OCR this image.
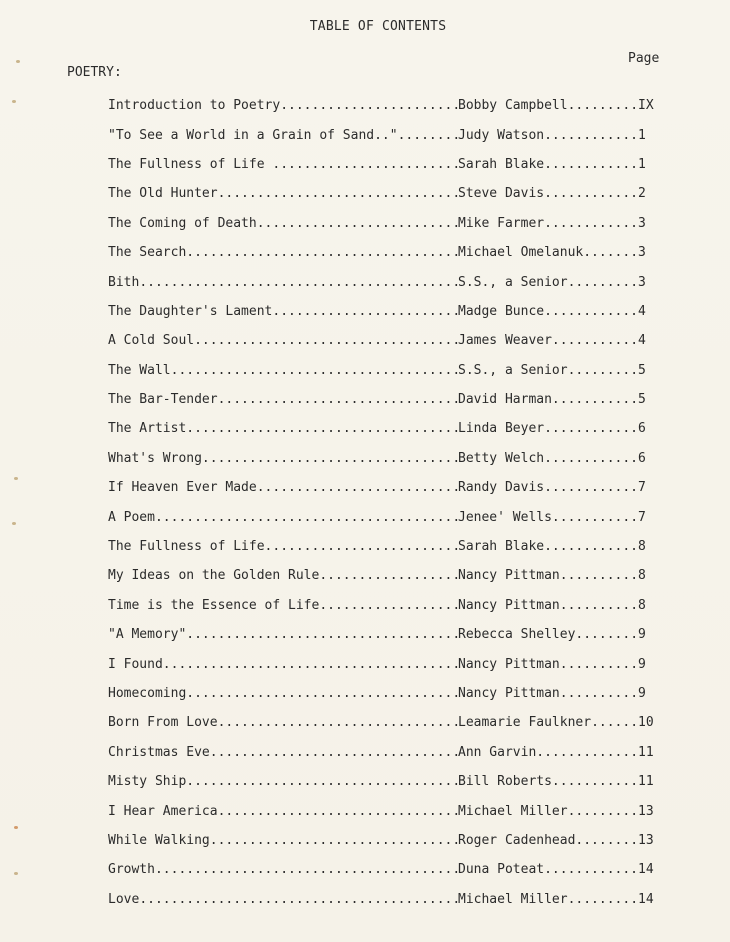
TABLE OF CONTENTS
Page
POETRY:
Introduction to Poetry .....	Bobby Campbell .....	IX
"To See a World in a Grain of Sand..".. .....	Judy Watson .....	1
The Fullness of Life .....	Sarah Blake .....	1
The Old Hunter .....	Steve Davis .....	2
The Coming of Death .....	Mike Farmer .....	3
The Search .....	Michael Omelanuk .....	3
Bith .....	S.S., a Senior .....	3
The Daughter's Lament .....	Madge Bunce .....	4
A Cold Soul .....	James Weaver .....	4
The Wall .....	S.S., a Senior .....	5
The Bar-Tender .....	David Harman .....	5
The Artist .....	Linda Beyer .....	6
What's Wrong .....	Betty Welch .....	6
If Heaven Ever Made .....	Randy Davis .....	7
A Poem .....	Jenee' Wells .....	7
The Fullness of Life .....	Sarah Blake .....	8
My Ideas on the Golden Rule .....	Nancy Pittman .....	8
Time is the Essence of Life .....	Nancy Pittman .....	8
"A Memory" .....	Rebecca Shelley .....	9
I Found .....	Nancy Pittman .....	9
Homecoming .....	Nancy Pittman .....	9
Born From Love .....	Leamarie Faulkner .....	10
Christmas Eve .....	Ann Garvin .....	11
Misty Ship .....	Bill Roberts .....	11
I Hear America .....	Michael Miller .....	13
While Walking .....	Roger Cadenhead .....	13
Growth .....	Duna Poteat .....	14
Love .....	Michael Miller .....	14
